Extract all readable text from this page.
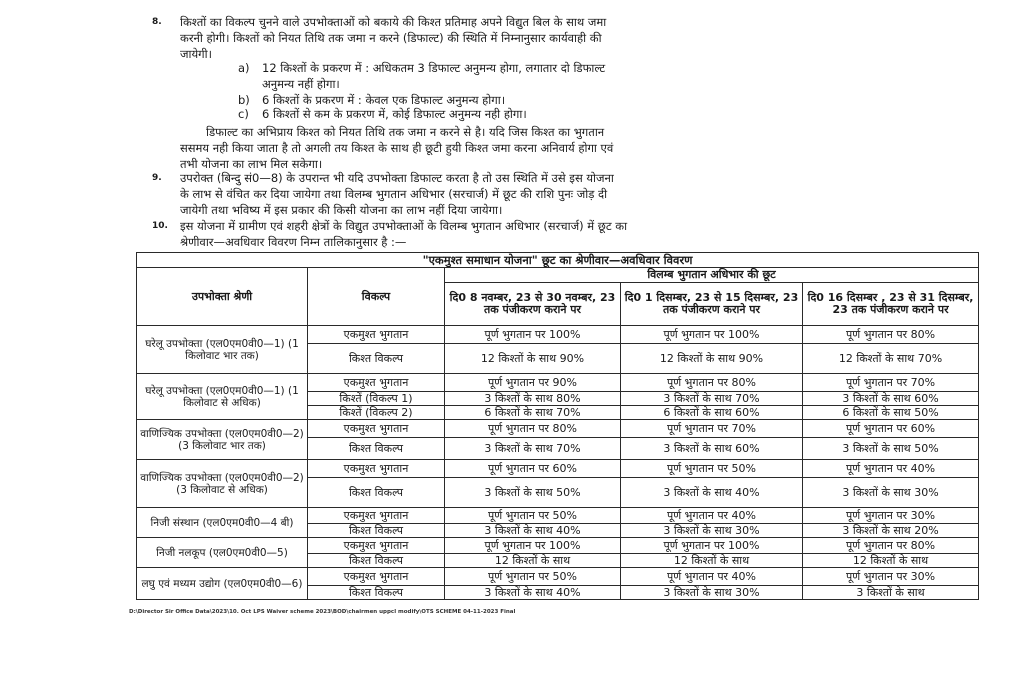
8. किश्तों का विकल्प चुनने वाले उपभोक्ताओं को बकाये की किश्त प्रतिमाह अपने विद्युत बिल के साथ जमा
करनी होगी। किश्तों को नियत तिथि तक जमा न करने (डिफाल्ट) की स्थिति में निम्नानुसार कार्यवाही की
जायेगी।
a) 12 किश्तों के प्रकरण में : अधिकतम 3 डिफाल्ट अनुमन्य होगा, लगातार दो डिफाल्ट
अनुमन्य नहीं होगा।
b) 6 किश्तों के प्रकरण में : केवल एक डिफाल्ट अनुमन्य होगा।
c) 6 किश्तों से कम के प्रकरण में, कोई डिफाल्ट अनुमन्य नही होगा।
डिफाल्ट का अभिप्राय किश्त को नियत तिथि तक जमा न करने से है। यदि जिस किश्त का भुगतान
ससमय नही किया जाता है तो अगली तय किश्त के साथ ही छूटी हुयी किश्त जमा करना अनिवार्य होगा एवं
तभी योजना का लाभ मिल सकेगा।
9. उपरोक्त (बिन्दु सं0—8) के उपरान्त भी यदि उपभोक्ता डिफाल्ट करता है तो उस स्थिति में उसे इस योजना
के लाभ से वंचित कर दिया जायेगा तथा विलम्ब भुगतान अधिभार (सरचार्ज) में छूट की राशि पुनः जोड़ दी
जायेगी तथा भविष्य में इस प्रकार की किसी योजना का लाभ नहीं दिया जायेगा।
10. इस योजना में ग्रामीण एवं शहरी क्षेत्रों के विद्युत उपभोक्ताओं के विलम्ब भुगतान अधिभार (सरचार्ज) में छूट का
श्रेणीवार—अवधिवार विवरण निम्न तालिकानुसार है :—
"एकमुश्त समाधान योजना" छूट का श्रेणीवार—अवधिवार विवरण				
उपभोक्ता श्रेणी	विकल्प	विलम्ब भुगतान अधिभार की छूट		
		दि0 8 नवम्बर, 23 से 30 नवम्बर, 23 तक पंजीकरण कराने पर	दि0 1 दिसम्बर, 23 से 15 दिसम्बर, 23 तक पंजीकरण कराने पर	दि0 16 दिसम्बर , 23 से 31 दिसम्बर, 23 तक पंजीकरण कराने पर
घरेलू उपभोक्ता (एल0एम0वी0—1) (1 किलोवाट भार तक)	एकमुश्त भुगतान	पूर्ण भुगतान पर 100%	पूर्ण भुगतान पर 100%	पूर्ण भुगतान पर 80%
	किश्त विकल्प	12 किश्तों के साथ 90%	12 किश्तों के साथ 90%	12 किश्तों के साथ 70%
घरेलू उपभोक्ता (एल0एम0वी0—1) (1 किलोवाट से अधिक)	एकमुश्त भुगतान	पूर्ण भुगतान पर 90%	पूर्ण भुगतान पर 80%	पूर्ण भुगतान पर 70%
	किश्तें (विकल्प 1)	3 किश्तों के साथ 80%	3 किश्तों के साथ 70%	3 किश्तों के साथ 60%
	किश्तें (विकल्प 2)	6 किश्तों के साथ 70%	6 किश्तों के साथ 60%	6 किश्तों के साथ 50%
वाणिज्यिक उपभोक्ता (एल0एम0वी0—2) (3 किलोवाट भार तक)	एकमुश्त भुगतान	पूर्ण भुगतान पर 80%	पूर्ण भुगतान पर 70%	पूर्ण भुगतान पर 60%
	किश्त विकल्प	3 किश्तों के साथ 70%	3 किश्तों के साथ 60%	3 किश्तों के साथ 50%
वाणिज्यिक उपभोक्ता (एल0एम0वी0—2) (3 किलोवाट से अधिक)	एकमुश्त भुगतान	पूर्ण भुगतान पर 60%	पूर्ण भुगतान पर 50%	पूर्ण भुगतान पर 40%
	किश्त विकल्प	3 किश्तों के साथ 50%	3 किश्तों के साथ 40%	3 किश्तों के साथ 30%
निजी संस्थान (एल0एम0वी0—4 बी)	एकमुश्त भुगतान	पूर्ण भुगतान पर 50%	पूर्ण भुगतान पर 40%	पूर्ण भुगतान पर 30%
	किश्त विकल्प	3 किश्तों के साथ 40%	3 किश्तों के साथ 30%	3 किश्तों के साथ 20%
निजी नलकूप (एल0एम0वी0—5)	एकमुश्त भुगतान	पूर्ण भुगतान पर 100%	पूर्ण भुगतान पर 100%	पूर्ण भुगतान पर 80%
	किश्त विकल्प	12 किश्तों के साथ	12 किश्तों के साथ	12 किश्तों के साथ
लघु एवं मध्यम उद्योग (एल0एम0वी0—6)	एकमुश्त भुगतान	पूर्ण भुगतान पर 50%	पूर्ण भुगतान पर 40%	पूर्ण भुगतान पर 30%
	किश्त विकल्प	3 किश्तों के साथ 40%	3 किश्तों के साथ 30%	3 किश्तों के साथ
D:\Director Sir Office Data\2023\10. Oct LPS Waiver scheme 2023\BOD\chairmen uppcl modify\OTS SCHEME 04-11-2023 Final
